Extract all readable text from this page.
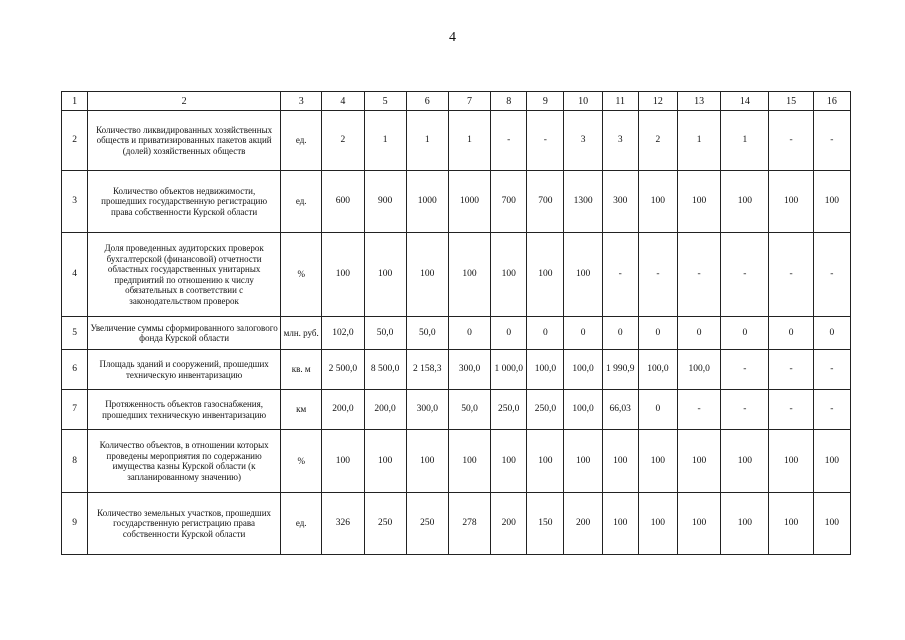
4
1	2	3	4	5	6	7	8	9	10	11	12	13	14	15	16
2	Количество ликвидированных хозяйственных обществ и приватизированных пакетов акций (долей) хозяйственных обществ	ед.	2	1	1	1	-	-	3	3	2	1	1	-	-
3	Количество объектов недвижимости, прошедших государственную регистрацию права собственности Курской области	ед.	600	900	1000	1000	700	700	1300	300	100	100	100	100	100
4	Доля проведенных аудиторских проверок бухгалтерской (финансовой) отчетности областных государственных унитарных предприятий по отношению к числу обязательных в соответствии с законодательством проверок	%	100	100	100	100	100	100	100	-	-	-	-	-	-
5	Увеличение суммы сформированного залогового фонда Курской области	млн. руб.	102,0	50,0	50,0	0	0	0	0	0	0	0	0	0	0
6	Площадь зданий и сооружений, прошедших техническую инвентаризацию	кв. м	2 500,0	8 500,0	2 158,3	300,0	1 000,0	100,0	100,0	1 990,9	100,0	100,0	-	-	-
7	Протяженность объектов газоснабжения, прошедших техническую инвентаризацию	км	200,0	200,0	300,0	50,0	250,0	250,0	100,0	66,03	0	-	-	-	-
8	Количество объектов, в отношении которых проведены мероприятия по содержанию имущества казны Курской области (к запланированному значению)	%	100	100	100	100	100	100	100	100	100	100	100	100	100
9	Количество земельных участков, прошедших государственную регистрацию права собственности Курской области	ед.	326	250	250	278	200	150	200	100	100	100	100	100	100
